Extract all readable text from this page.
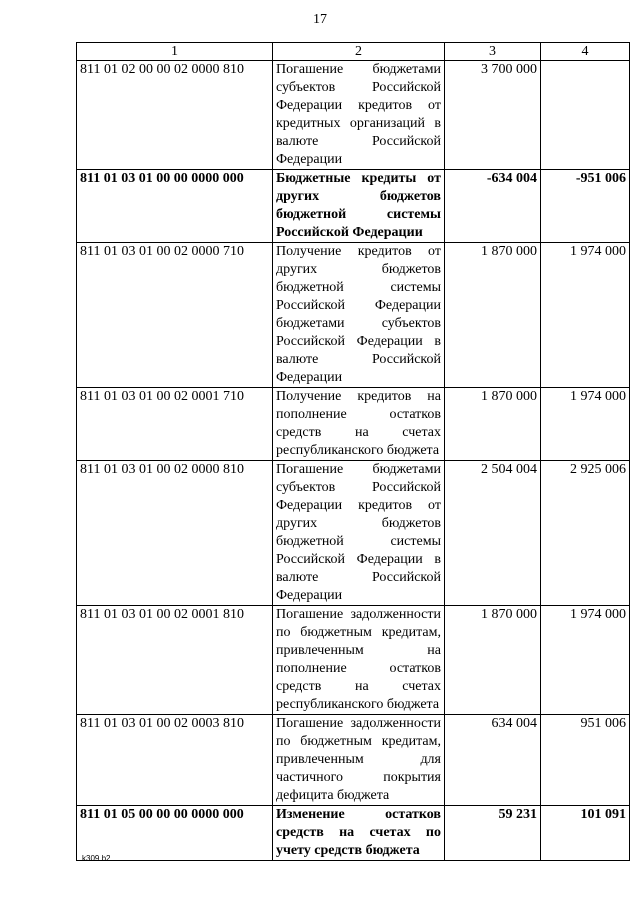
17
1	2	3	4
811 01 02 00 00 02 0000 810	Погашение бюджетами субъектов Российской Федерации кредитов от кредитных организаций в валюте Российской Федерации	3 700 000	
811 01 03 01 00 00 0000 000	Бюджетные кредиты от других бюджетов бюджетной системы Российской Федерации	-634 004	-951 006
811 01 03 01 00 02 0000 710	Получение кредитов от других бюджетов бюджетной системы Российской Федерации бюджетами субъектов Российской Федерации в валюте Российской Федерации	1 870 000	1 974 000
811 01 03 01 00 02 0001 710	Получение кредитов на пополнение остатков средств на счетах республиканского бюджета	1 870 000	1 974 000
811 01 03 01 00 02 0000 810	Погашение бюджетами субъектов Российской Федерации кредитов от других бюджетов бюджетной системы Российской Федерации в валюте Российской Федерации	2 504 004	2 925 006
811 01 03 01 00 02 0001 810	Погашение задолженности по бюджетным кредитам, привлеченным на пополнение остатков средств на счетах республиканского бюджета	1 870 000	1 974 000
811 01 03 01 00 02 0003 810	Погашение задолженности по бюджетным кредитам, привлеченным для частичного покрытия дефицита бюджета	634 004	951 006
811 01 05 00 00 00 0000 000	Изменение остатков средств на счетах по учету средств бюджета	59 231	101 091
k309 b2
